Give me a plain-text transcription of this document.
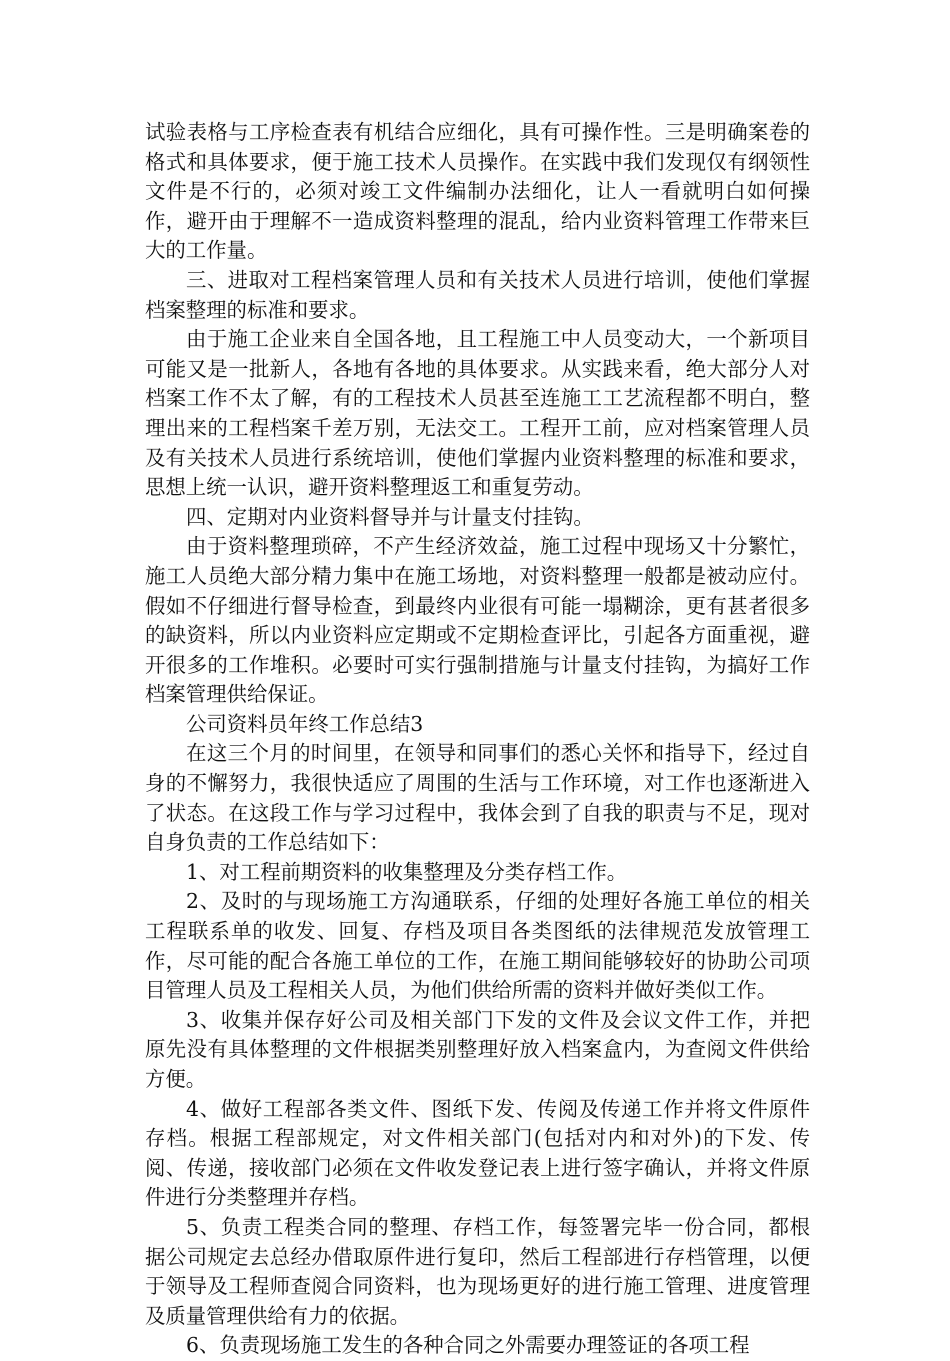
试验表格与工序检查表有机结合应细化，具有可操作性。三是明确案卷的格式和具体要求，便于施工技术人员操作。在实践中我们发现仅有纲领性文件是不行的，必须对竣工文件编制办法细化，让人一看就明白如何操作，避开由于理解不一造成资料整理的混乱，给内业资料管理工作带来巨大的工作量。

三、进取对工程档案管理人员和有关技术人员进行培训，使他们掌握档案整理的标准和要求。

由于施工企业来自全国各地，且工程施工中人员变动大，一个新项目可能又是一批新人，各地有各地的具体要求。从实践来看，绝大部分人对档案工作不太了解，有的工程技术人员甚至连施工工艺流程都不明白，整理出来的工程档案千差万别，无法交工。工程开工前，应对档案管理人员及有关技术人员进行系统培训，使他们掌握内业资料整理的标准和要求，思想上统一认识，避开资料整理返工和重复劳动。

四、定期对内业资料督导并与计量支付挂钩。

由于资料整理琐碎，不产生经济效益，施工过程中现场又十分繁忙，施工人员绝大部分精力集中在施工场地，对资料整理一般都是被动应付。假如不仔细进行督导检查，到最终内业很有可能一塌糊涂，更有甚者很多的缺资料，所以内业资料应定期或不定期检查评比，引起各方面重视，避开很多的工作堆积。必要时可实行强制措施与计量支付挂钩，为搞好工作档案管理供给保证。

公司资料员年终工作总结3

在这三个月的时间里，在领导和同事们的悉心关怀和指导下，经过自身的不懈努力，我很快适应了周围的生活与工作环境，对工作也逐渐进入了状态。在这段工作与学习过程中，我体会到了自我的职责与不足，现对自身负责的工作总结如下：

1、对工程前期资料的收集整理及分类存档工作。

2、及时的与现场施工方沟通联系，仔细的处理好各施工单位的相关工程联系单的收发、回复、存档及项目各类图纸的法律规范发放管理工作，尽可能的配合各施工单位的工作，在施工期间能够较好的协助公司项目管理人员及工程相关人员，为他们供给所需的资料并做好类似工作。

3、收集并保存好公司及相关部门下发的文件及会议文件工作，并把原先没有具体整理的文件根据类别整理好放入档案盒内，为查阅文件供给方便。

4、做好工程部各类文件、图纸下发、传阅及传递工作并将文件原件存档。根据工程部规定，对文件相关部门(包括对内和对外)的下发、传阅、传递，接收部门必须在文件收发登记表上进行签字确认，并将文件原件进行分类整理并存档。

5、负责工程类合同的整理、存档工作，每签署完毕一份合同，都根据公司规定去总经办借取原件进行复印，然后工程部进行存档管理，以便于领导及工程师查阅合同资料，也为现场更好的进行施工管理、进度管理及质量管理供给有力的依据。

6、负责现场施工发生的各种合同之外需要办理签证的各项工程
